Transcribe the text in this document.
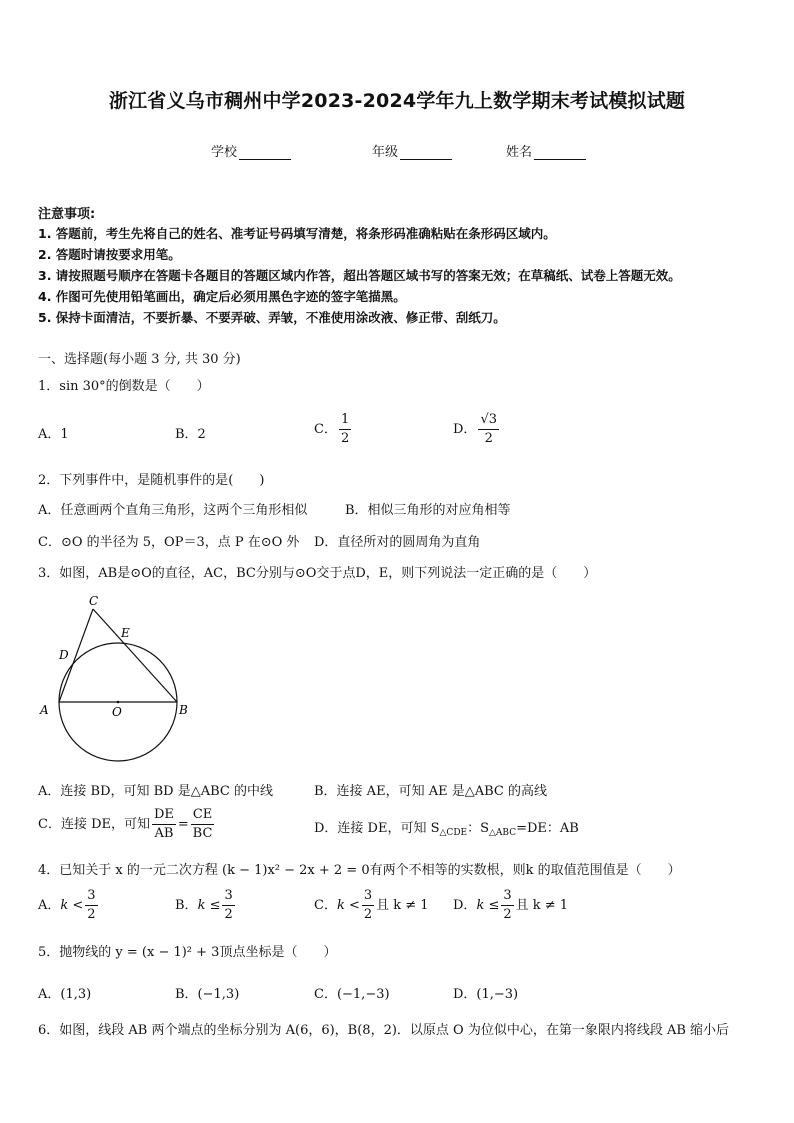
浙江省义乌市稠州中学2023-2024学年九上数学期末考试模拟试题
学校	年级	姓名
注意事项:
1. 答题前，考生先将自己的姓名、准考证号码填写清楚，将条形码准确粘贴在条形码区域内。
2. 答题时请按要求用笔。
3. 请按照题号顺序在答题卡各题目的答题区域内作答，超出答题区域书写的答案无效；在草稿纸、试卷上答题无效。
4. 作图可先使用铅笔画出，确定后必须用黑色字迹的签字笔描黑。
5. 保持卡面清洁，不要折暴、不要弄破、弄皱，不准使用涂改液、修正带、刮纸刀。
一、选择题(每小题 3 分, 共 30 分)
1．sin 30°的倒数是（　　）
A．1	B．2	C． $\frac{1}{2}$	D． $\frac{√3}{2}$
2．下列事件中，是随机事件的是(　　)
A．任意画两个直角三角形，这两个三角形相似	B．相似三角形的对应角相等
C．⊙O 的半径为 5，OP＝3，点 P 在⊙O 外 D．直径所对的圆周角为直角
3．如图，AB是⊙O的直径，AC，BC分别与⊙O交于点D，E，则下列说法一定正确的是（　　）
C
E
D
A	O	B
A．连接 BD，可知 BD 是△ABC 的中线	B．连接 AE，可知 AE 是△ABC 的高线
C．连接 DE，可知 $\frac{DE}{AB} = \frac{CE}{BC}$	D．连接 DE，可知 $S_{\triangle CDE}$：$S_{\triangle ABC}=DE$：AB
4．已知关于 x 的一元二次方程 (k − 1)x² − 2x + 2 = 0有两个不相等的实数根，则k 的取值范围值是（　　）
A．$k < \frac{3}{2}$	B．$k \le \frac{3}{2}$	C．$k < \frac{3}{2}$ 且 k ≠ 1 D．$k \le \frac{3}{2}$ 且 k ≠ 1
5．抛物线的 y = (x − 1)² + 3顶点坐标是（　　）
A．(1,3)	B．(−1,3)	C．(−1,−3)	D．(1,−3)
6．如图，线段 AB 两个端点的坐标分别为 A(6，6)，B(8，2)．以原点 O 为位似中心，在第一象限内将线段 AB 缩小后
